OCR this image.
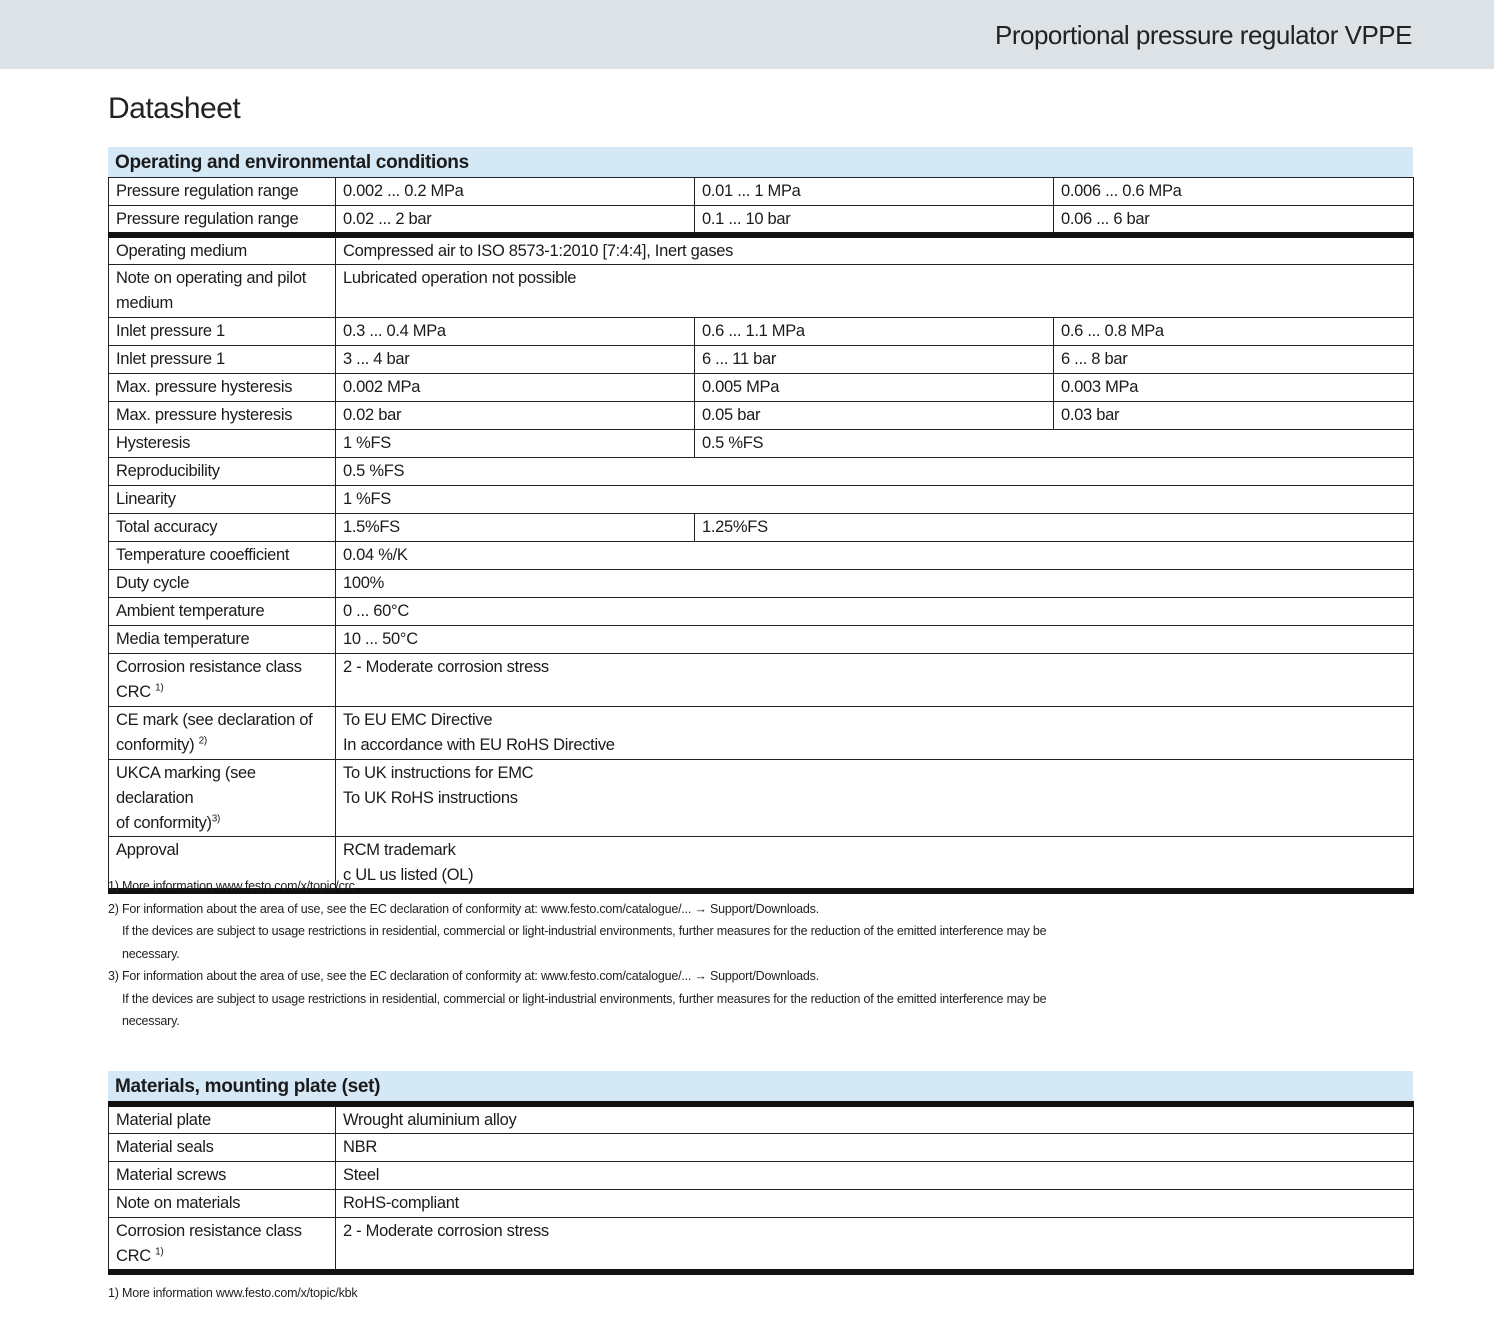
Proportional pressure regulator VPPE
Datasheet
Operating and environmental conditions
Pressure regulation range	0.002 ... 0.2 MPa	0.01 ... 1 MPa	0.006 ... 0.6 MPa
Pressure regulation range	0.02 ... 2 bar	0.1 ... 10 bar	0.06 ... 6 bar
Operating medium	Compressed air to ISO 8573-1:2010 [7:4:4], Inert gases		
Note on operating and pilot
medium	Lubricated operation not possible		
Inlet pressure 1	0.3 ... 0.4 MPa	0.6 ... 1.1 MPa	0.6 ... 0.8 MPa
Inlet pressure 1	3 ... 4 bar	6 ... 11 bar	6 ... 8 bar
Max. pressure hysteresis	0.002 MPa	0.005 MPa	0.003 MPa
Max. pressure hysteresis	0.02 bar	0.05 bar	0.03 bar
Hysteresis	1 %FS	0.5 %FS	
Reproducibility	0.5 %FS		
Linearity	1 %FS		
Total accuracy	1.5%FS	1.25%FS	
Temperature cooefficient	0.04 %/K		
Duty cycle	100%		
Ambient temperature	0 ... 60°C		
Media temperature	10 ... 50°C		
Corrosion resistance class
CRC $^{1)}$	2 - Moderate corrosion stress		
CE mark (see declaration of
conformity) $^{2)}$	To EU EMC Directive
In accordance with EU RoHS Directive		
UKCA marking (see declaration
of conformity)$^{3)}$	To UK instructions for EMC
To UK RoHS instructions		
Approval	RCM trademark
c UL us listed (OL)		
1) More information www.festo.com/x/topic/crc
2) For information about the area of use, see the EC declaration of conformity at: www.festo.com/catalogue/... → Support/Downloads.
If the devices are subject to usage restrictions in residential, commercial or light-industrial environments, further measures for the reduction of the emitted interference may be
necessary.
3) For information about the area of use, see the EC declaration of conformity at: www.festo.com/catalogue/... → Support/Downloads.
If the devices are subject to usage restrictions in residential, commercial or light-industrial environments, further measures for the reduction of the emitted interference may be
necessary.
Materials, mounting plate (set)
Material plate	Wrought aluminium alloy
Material seals	NBR
Material screws	Steel
Note on materials	RoHS-compliant
Corrosion resistance class
CRC $^{1)}$	2 - Moderate corrosion stress
1) More information www.festo.com/x/topic/kbk
